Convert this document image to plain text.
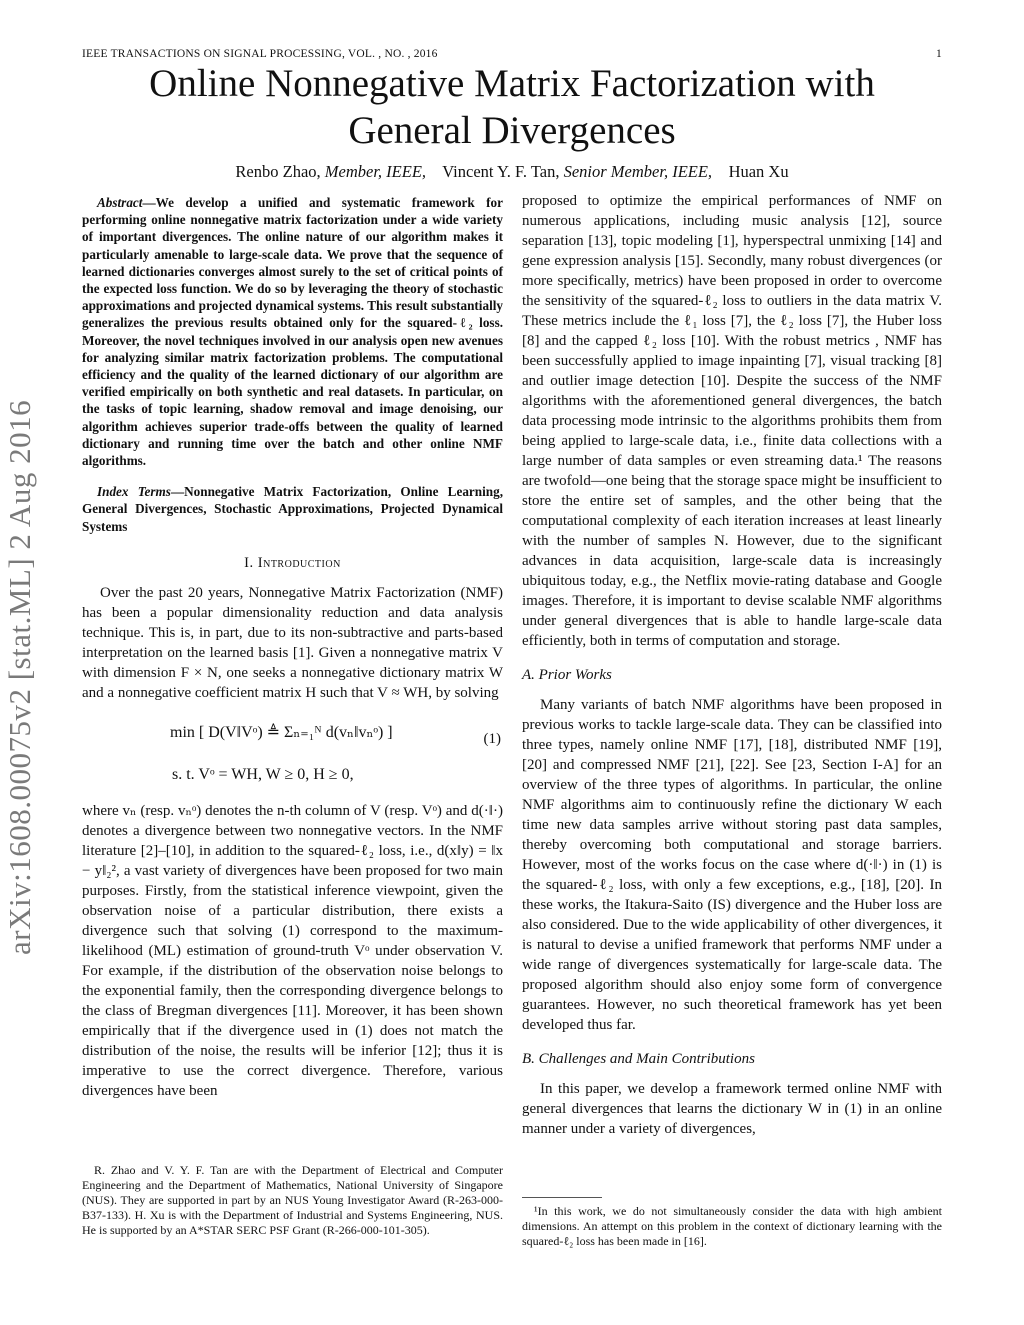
IEEE TRANSACTIONS ON SIGNAL PROCESSING, VOL. , NO. , 2016	1
Online Nonnegative Matrix Factorization with
General Divergences
Renbo Zhao, Member, IEEE, Vincent Y. F. Tan, Senior Member, IEEE, Huan Xu
arXiv:1608.00075v2 [stat.ML] 2 Aug 2016

Abstract—We develop a unified and systematic framework for performing online nonnegative matrix factorization under a wide variety of important divergences. The online nature of our algorithm makes it particularly amenable to large-scale data. We prove that the sequence of learned dictionaries converges almost surely to the set of critical points of the expected loss function. We do so by leveraging the theory of stochastic approximations and projected dynamical systems. This result substantially generalizes the previous results obtained only for the squared-ℓ₂ loss. Moreover, the novel techniques involved in our analysis open new avenues for analyzing similar matrix factorization problems. The computational efficiency and the quality of the learned dictionary of our algorithm are verified empirically on both synthetic and real datasets. In particular, on the tasks of topic learning, shadow removal and image denoising, our algorithm achieves superior trade-offs between the quality of learned dictionary and running time over the batch and other online NMF algorithms.

Index Terms—Nonnegative Matrix Factorization, Online Learning, General Divergences, Stochastic Approximations, Projected Dynamical Systems

I. Introduction

Over the past 20 years, Nonnegative Matrix Factorization (NMF) has been a popular dimensionality reduction and data analysis technique. This is, in part, due to its non-subtractive and parts-based interpretation on the learned basis [1]. Given a nonnegative matrix V with dimension F × N, one seeks a nonnegative dictionary matrix W and a nonnegative coefficient matrix H such that V ≈ WH, by solving

min [ D(V‖Vᵒ) ≜ Σₙ₌₁ᴺ d(vₙ‖vₙᵒ) ]
s. t. Vᵒ = WH, W ≥ 0, H ≥ 0,
(1)

where vₙ (resp. vₙᵒ) denotes the n-th column of V (resp. Vᵒ) and d(·‖·) denotes a divergence between two nonnegative vectors. In the NMF literature [2]–[10], in addition to the squared-ℓ₂ loss, i.e., d(x‖y) = ‖x − y‖₂², a vast variety of divergences have been proposed for two main purposes. Firstly, from the statistical inference viewpoint, given the observation noise of a particular distribution, there exists a divergence such that solving (1) correspond to the maximum-likelihood (ML) estimation of ground-truth Vᵒ under observation V. For example, if the distribution of the observation noise belongs to the exponential family, then the corresponding divergence belongs to the class of Bregman divergences [11]. Moreover, it has been shown empirically that if the divergence used in (1) does not match the distribution of the noise, the results will be inferior [12]; thus it is imperative to use the correct divergence. Therefore, various divergences have been

proposed to optimize the empirical performances of NMF on numerous applications, including music analysis [12], source separation [13], topic modeling [1], hyperspectral unmixing [14] and gene expression analysis [15]. Secondly, many robust divergences (or more specifically, metrics) have been proposed in order to overcome the sensitivity of the squared-ℓ₂ loss to outliers in the data matrix V. These metrics include the ℓ₁ loss [7], the ℓ₂ loss [7], the Huber loss [8] and the capped ℓ₂ loss [10]. With the robust metrics , NMF has been successfully applied to image inpainting [7], visual tracking [8] and outlier image detection [10]. Despite the success of the NMF algorithms with the aforementioned general divergences, the batch data processing mode intrinsic to the algorithms prohibits them from being applied to large-scale data, i.e., finite data collections with a large number of data samples or even streaming data.¹ The reasons are twofold—one being that the storage space might be insufficient to store the entire set of samples, and the other being that the computational complexity of each iteration increases at least linearly with the number of samples N. However, due to the significant advances in data acquisition, large-scale data is increasingly ubiquitous today, e.g., the Netflix movie-rating database and Google images. Therefore, it is important to devise scalable NMF algorithms under general divergences that is able to handle large-scale data efficiently, both in terms of computation and storage.

A. Prior Works

Many variants of batch NMF algorithms have been proposed in previous works to tackle large-scale data. They can be classified into three types, namely online NMF [17], [18], distributed NMF [19], [20] and compressed NMF [21], [22]. See [23, Section I-A] for an overview of the three types of algorithms. In particular, the online NMF algorithms aim to continuously refine the dictionary W each time new data samples arrive without storing past data samples, thereby overcoming both computational and storage barriers. However, most of the works focus on the case where d(·‖·) in (1) is the squared-ℓ₂ loss, with only a few exceptions, e.g., [18], [20]. In these works, the Itakura-Saito (IS) divergence and the Huber loss are also considered. Due to the wide applicability of other divergences, it is natural to devise a unified framework that performs NMF under a wide range of divergences systematically for large-scale data. The proposed algorithm should also enjoy some form of convergence guarantees. However, no such theoretical framework has yet been developed thus far.

B. Challenges and Main Contributions

In this paper, we develop a framework termed online NMF with general divergences that learns the dictionary W in (1) in an online manner under a variety of divergences,

R. Zhao and V. Y. F. Tan are with the Department of Electrical and Computer Engineering and the Department of Mathematics, National University of Singapore (NUS). They are supported in part by an NUS Young Investigator Award (R-263-000-B37-133). H. Xu is with the Department of Industrial and Systems Engineering, NUS. He is supported by an A*STAR SERC PSF Grant (R-266-000-101-305).
¹In this work, we do not simultaneously consider the data with high ambient dimensions. An attempt on this problem in the context of dictionary learning with the squared-ℓ₂ loss has been made in [16].
